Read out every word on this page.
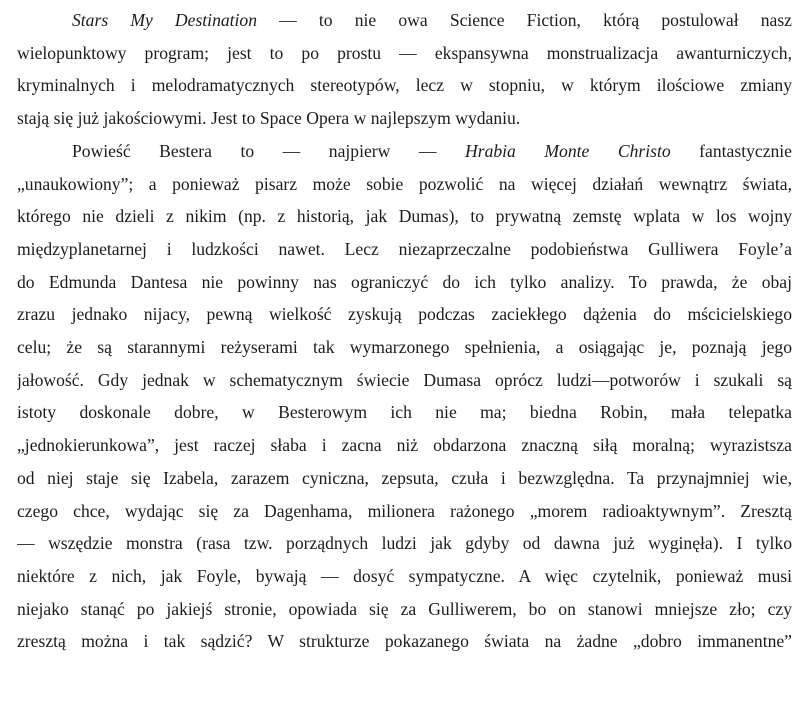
Stars My Destination — to nie owa Science Fiction, którą postulował nasz
wielopunktowy program; jest to po prostu — ekspansywna monstrualizacja awanturniczych,
kryminalnych i melodramatycznych stereotypów, lecz w stopniu, w którym ilościowe zmiany
stają się już jakościowymi. Jest to Space Opera w najlepszym wydaniu.
Powieść Bestera to — najpierw — Hrabia Monte Christo fantastycznie
„unaukowiony”; a ponieważ pisarz może sobie pozwolić na więcej działań wewnątrz świata,
którego nie dzieli z nikim (np. z historią, jak Dumas), to prywatną zemstę wplata w los wojny
międzyplanetarnej i ludzkości nawet. Lecz niezaprzeczalne podobieństwa Gulliwera Foyle’a
do Edmunda Dantesa nie powinny nas ograniczyć do ich tylko analizy. To prawda, że obaj
zrazu jednako nijacy, pewną wielkość zyskują podczas zaciekłego dążenia do mścicielskiego
celu; że są starannymi reżyserami tak wymarzonego spełnienia, a osiągając je, poznają jego
jałowość. Gdy jednak w schematycznym świecie Dumasa oprócz ludzi—potworów i szukali są
istoty doskonale dobre, w Besterowym ich nie ma; biedna Robin, mała telepatka
„jednokierunkowa”, jest raczej słaba i zacna niż obdarzona znaczną siłą moralną; wyrazistsza
od niej staje się Izabela, zarazem cyniczna, zepsuta, czuła i bezwzględna. Ta przynajmniej wie,
czego chce, wydając się za Dagenhama, milionera rażonego „morem radioaktywnym”. Zresztą
— wszędzie monstra (rasa tzw. porządnych ludzi jak gdyby od dawna już wyginęła). I tylko
niektóre z nich, jak Foyle, bywają — dosyć sympatyczne. A więc czytelnik, ponieważ musi
niejako stanąć po jakiejś stronie, opowiada się za Gulliwerem, bo on stanowi mniejsze zło; czy
zresztą można i tak sądzić? W strukturze pokazanego świata na żadne „dobro immanentne”
